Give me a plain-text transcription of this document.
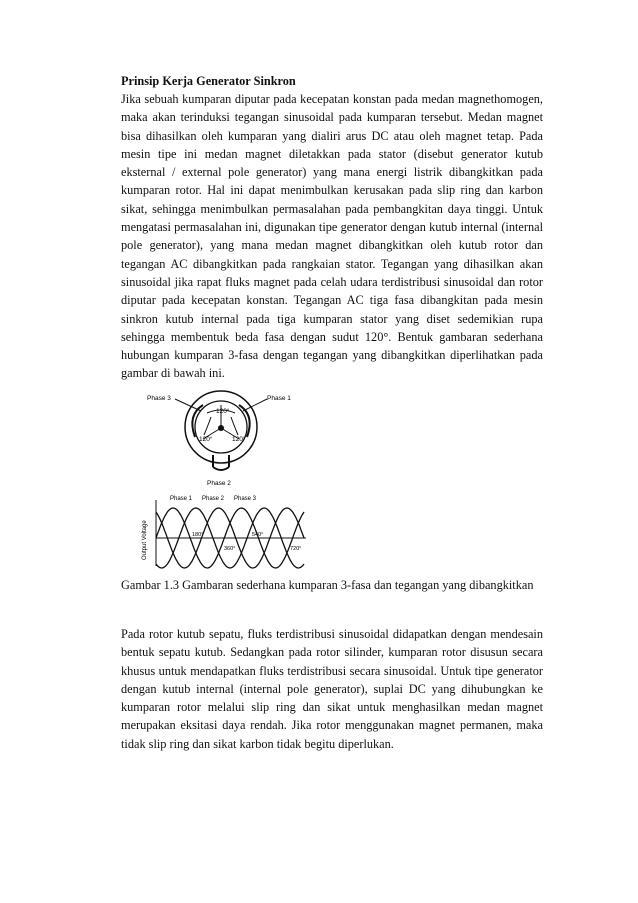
Prinsip Kerja Generator Sinkron

Jika sebuah kumparan diputar pada kecepatan konstan pada medan magnethomogen, maka akan terinduksi tegangan sinusoidal pada kumparan tersebut. Medan magnet bisa dihasilkan oleh kumparan yang dialiri arus DC atau oleh magnet tetap. Pada mesin tipe ini medan magnet diletakkan pada stator (disebut generator kutub eksternal / external pole generator) yang mana energi listrik dibangkitkan pada kumparan rotor. Hal ini dapat menimbulkan kerusakan pada slip ring dan karbon sikat, sehingga menimbulkan permasalahan pada pembangkitan daya tinggi. Untuk mengatasi permasalahan ini, digunakan tipe generator dengan kutub internal (internal pole generator), yang mana medan magnet dibangkitkan oleh kutub rotor dan tegangan AC dibangkitkan pada rangkaian stator. Tegangan yang dihasilkan akan sinusoidal jika rapat fluks magnet pada celah udara terdistribusi sinusoidal dan rotor diputar pada kecepatan konstan. Tegangan AC tiga fasa dibangkitan pada mesin sinkron kutub internal pada tiga kumparan stator yang diset sedemikian rupa sehingga membentuk beda fasa dengan sudut 120°. Bentuk gambaran sederhana hubungan kumparan 3-fasa dengan tegangan yang dibangkitkan diperlihatkan pada gambar di bawah ini.

120°
120°	120°
Phase 3	Phase 1
Phase 2
Output Voltage
Phase 1 Phase 2 Phase 3
180°
360°
540°
720°

Gambar 1.3 Gambaran sederhana kumparan 3-fasa dan tegangan yang dibangkitkan

Pada rotor kutub sepatu, fluks terdistribusi sinusoidal didapatkan dengan mendesain bentuk sepatu kutub. Sedangkan pada rotor silinder, kumparan rotor disusun secara khusus untuk mendapatkan fluks terdistribusi secara sinusoidal. Untuk tipe generator dengan kutub internal (internal pole generator), suplai DC yang dihubungkan ke kumparan rotor melalui slip ring dan sikat untuk menghasilkan medan magnet merupakan eksitasi daya rendah. Jika rotor menggunakan magnet permanen, maka tidak slip ring dan sikat karbon tidak begitu diperlukan.
